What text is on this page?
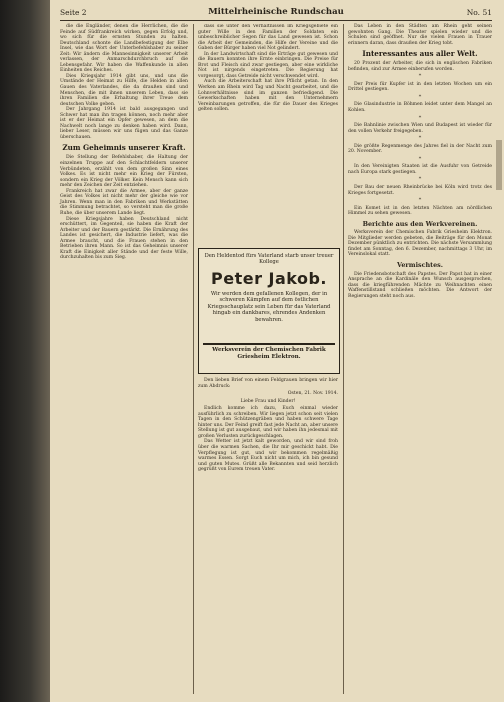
Seite 2	Mittelrheinische Rundschau	No. 51

die die Engländer, denen die Herrlichen, die die Feinde auf Südfrankreich wirken, gegen Erfolg und, wo sich für die ernsten Stunden zu halten. Deutschland schonte die Landbefestigung der Elbe Insel, wie das Wort der Unterbefehlshaber zu seiner Zeit: Wir ändern die Mannesinnigkeit unserer Arbeit verlassen, der Anmarschdurchbruch auf die Lebensgefahr. Wir haben die Waffenkunde in allen Einheiten des Reiches.

Dies Kriegsjahr 1914 gibt uns, und uns die Umstände der Heimat zu Hilfe, die Helden in allen Gauen des Vaterlandes, die da draußen sind und Menschen, die mit ihnen unserem Leben, dass sie ihren Familien die Erhaltung ihrer Treue dem deutschen Volke geben.

Der Jahrgang 1914 ist bald ausgegangen und Schwer hat man ihn tragen können, noch mehr aber ist er der Heimat ein Opfer gewesen, an dem die Nachwelt noch lange zu denken haben wird. Dann, lieber Leser, müssen wir uns fügen und das Ganze überschauen.

Zum Geheimnis unserer Kraft.

Die Stellung der Befehlshaber, die Haltung der einzelnen Truppe auf den Schlachtfeldern unserer Verbündeten, erzählt von dem großen Sinn eines Volkes. Es ist nicht mehr ein Krieg der Fürsten, sondern ein Krieg der Völker. Kein Mensch kann sich mehr den Zeichen der Zeit entziehen.

Frankreich hat zwar die Armee, aber der ganze Geist des Volkes ist nicht mehr der gleiche wie vor Jahren. Wenn man in den Fabriken und Werkstätten die Stimmung betrachtet, so versteht man die große Ruhe, die über unserem Lande liegt.

Diese Kriegsjahre haben Deutschland nicht erschüttert, im Gegenteil, sie haben die Kraft der Arbeiter und der Bauern gestärkt. Die Ernährung des Landes ist gesichert, die Industrie liefert, was die Armee braucht, und die Frauen stehen in den Betrieben ihren Mann. So ist das Geheimnis unserer Kraft die Einigkeit aller Stände und der feste Wille, durchzuhalten bis zum Sieg.

dass sie unter den Verhältnissen im Kriegsgebiete ein guter Wille in den Familien der Soldaten ein unbeschreiblicher Segen für das Land gewesen ist. Schon die Arbeit der Gemeinden, die Hilfe der Vereine und die Gaben der Bürger haben viel Not gelindert.

In der Landwirtschaft sind die Erträge gut gewesen und die Bauern konnten ihre Ernte einbringen. Die Preise für Brot und Fleisch sind zwar gestiegen, aber eine wirkliche Not ist nirgends eingetreten. Die Regierung hat vorgesorgt, dass Getreide nicht verschwendet wird.

Auch die Arbeiterschaft hat ihre Pflicht getan. In den Werken am Rhein wird Tag und Nacht gearbeitet, und die Lohnverhältnisse sind im ganzen befriedigend. Die Gewerkschaften haben mit den Unternehmern Vereinbarungen getroffen, die für die Dauer des Krieges gelten sollen.

Den Heldentod fürs Vaterland starb unser treuer Kollege
Peter Jakob.
Wir werden dem gefallenen Kollegen, der in schweren Kämpfen auf dem östlichen Kriegsschauplatz sein Leben für das Vaterland hingab ein dankbares, ehrendes Andenken bewahren.
Werksverein der Chemischen Fabrik Griesheim Elektron.

Den lieben Brief von einem Feldgrauen bringen wir hier zum Abdruck:

Osten, 21. Nov. 1914.
Liebe Frau und Kinder!

Endlich komme ich dazu, Euch einmal wieder ausführlich zu schreiben. Wir liegen jetzt schon seit vielen Tagen in den Schützengräben und haben schwere Tage hinter uns. Der Feind greift fast jede Nacht an, aber unsere Stellung ist gut ausgebaut, und wir haben ihn jedesmal mit großen Verlusten zurückgeschlagen.

Das Wetter ist jetzt kalt geworden, und wir sind froh über die warmen Sachen, die Ihr mir geschickt habt. Die Verpflegung ist gut, und wir bekommen regelmäßig warmes Essen. Sorgt Euch nicht um mich, ich bin gesund und guten Mutes. Grüßt alle Bekannten und seid herzlich gegrüßt von Eurem treuen Vater.

Das Leben in den Städten am Rhein geht seinen gewohnten Gang. Die Theater spielen wieder und die Schulen sind geöffnet. Nur die vielen Frauen in Trauer erinnern daran, dass draußen der Krieg tobt.

Interessantes aus aller Welt.

20 Prozent der Arbeiter, die sich in englischen Fabriken befinden, sind zur Armee einberufen worden.

*

Der Preis für Kupfer ist in den letzten Wochen um ein Drittel gestiegen.

*

Die Glasindustrie in Böhmen leidet unter dem Mangel an Kohlen.

*

Die Bahnlinie zwischen Wien und Budapest ist wieder für den vollen Verkehr freigegeben.

*

Die größte Regenmenge des Jahres fiel in der Nacht zum 20. November.

*

In den Vereinigten Staaten ist die Ausfuhr von Getreide nach Europa stark gestiegen.

*

Der Bau der neuen Rheinbrücke bei Köln wird trotz des Krieges fortgesetzt.

*

Ein Komet ist in den letzten Nächten am nördlichen Himmel zu sehen gewesen.

Berichte aus den Werkvereinen.

Werksverein der Chemischen Fabrik Griesheim Elektron. Die Mitglieder werden gebeten, die Beiträge für den Monat Dezember pünktlich zu entrichten. Die nächste Versammlung findet am Sonntag, den 6. Dezember, nachmittags 3 Uhr, im Vereinslokal statt.

Vermischtes.

Die Friedensbotschaft des Papstes. Der Papst hat in einer Ansprache an die Kardinäle den Wunsch ausgesprochen, dass die kriegführenden Mächte zu Weihnachten einen Waffenstillstand schließen möchten. Die Antwort der Regierungen steht noch aus.
